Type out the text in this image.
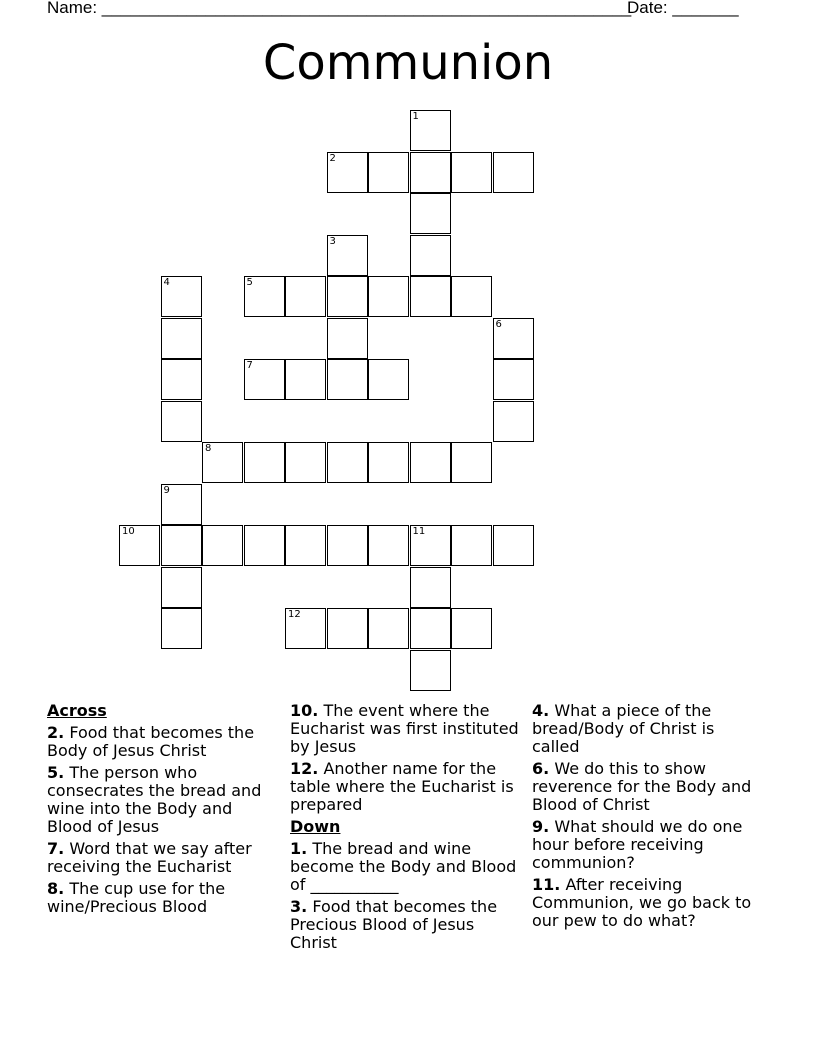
Name: ________________________________________________________
Date: _______
Communion
1
2
3
4	5
6
7
8
9
10	11
12
Across
2. Food that becomes the Body of Jesus Christ
5. The person who consecrates the bread and wine into the Body and Blood of Jesus
7. Word that we say after receiving the Eucharist
8. The cup use for the wine/Precious Blood
10. The event where the Eucharist was first instituted by Jesus
12. Another name for the table where the Eucharist is prepared
Down
1. The bread and wine become the Body and Blood of ___________
3. Food that becomes the Precious Blood of Jesus Christ
4. What a piece of the bread/Body of Christ is called
6. We do this to show reverence for the Body and Blood of Christ
9. What should we do one hour before receiving communion?
11. After receiving Communion, we go back to our pew to do what?
